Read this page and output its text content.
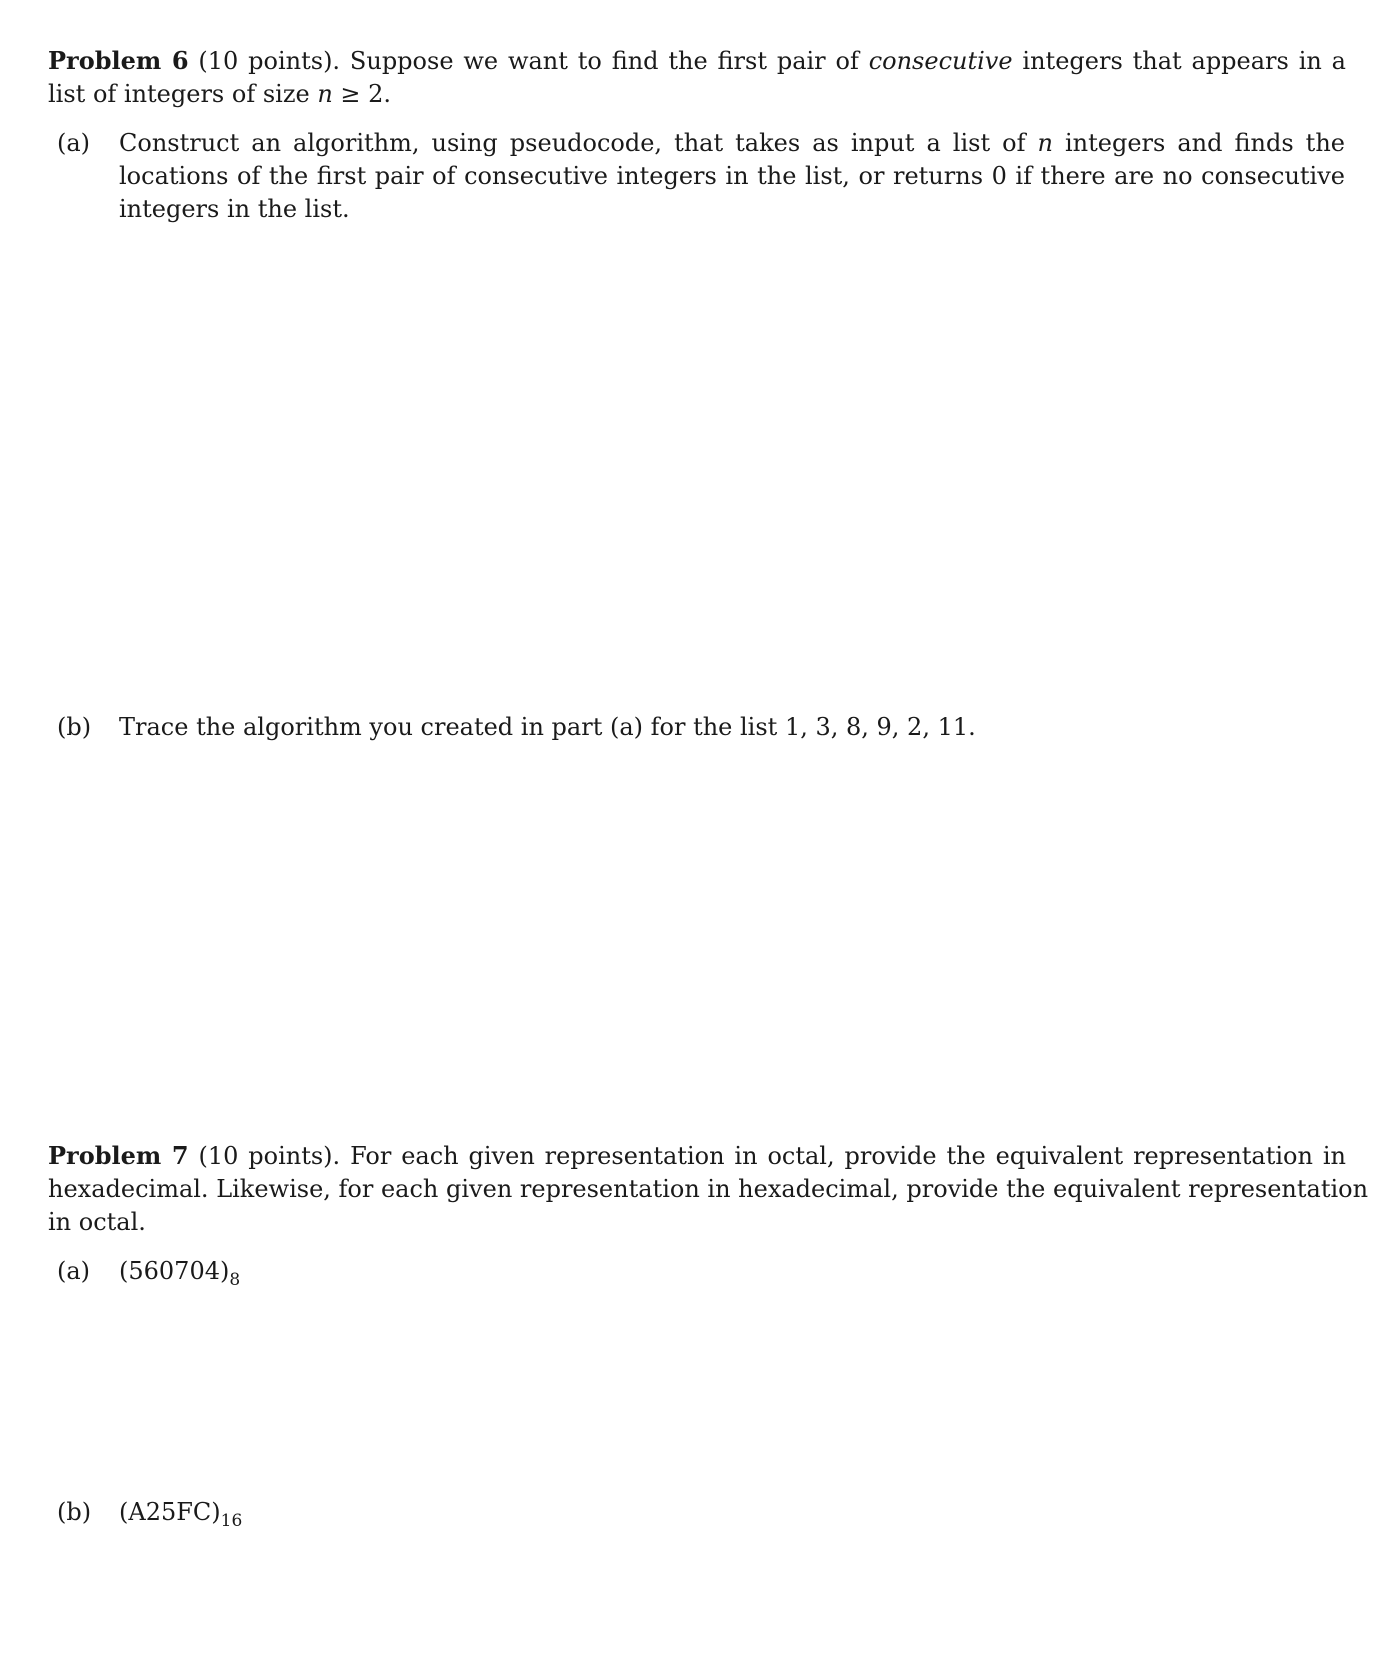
Problem 6 (10 points). Suppose we want to find the first pair of consecutive integers that appears in a
list of integers of size n ≥ 2.
(a)	Construct an algorithm, using pseudocode, that takes as input a list of n integers and finds the
locations of the first pair of consecutive integers in the list, or returns 0 if there are no consecutive
integers in the list.
(b)	Trace the algorithm you created in part (a) for the list 1, 3, 8, 9, 2, 11.
Problem 7 (10 points). For each given representation in octal, provide the equivalent representation in
hexadecimal. Likewise, for each given representation in hexadecimal, provide the equivalent representation
in octal.
(a)	$(560704)_8$
(b)	$(A25FC)_{16}$
